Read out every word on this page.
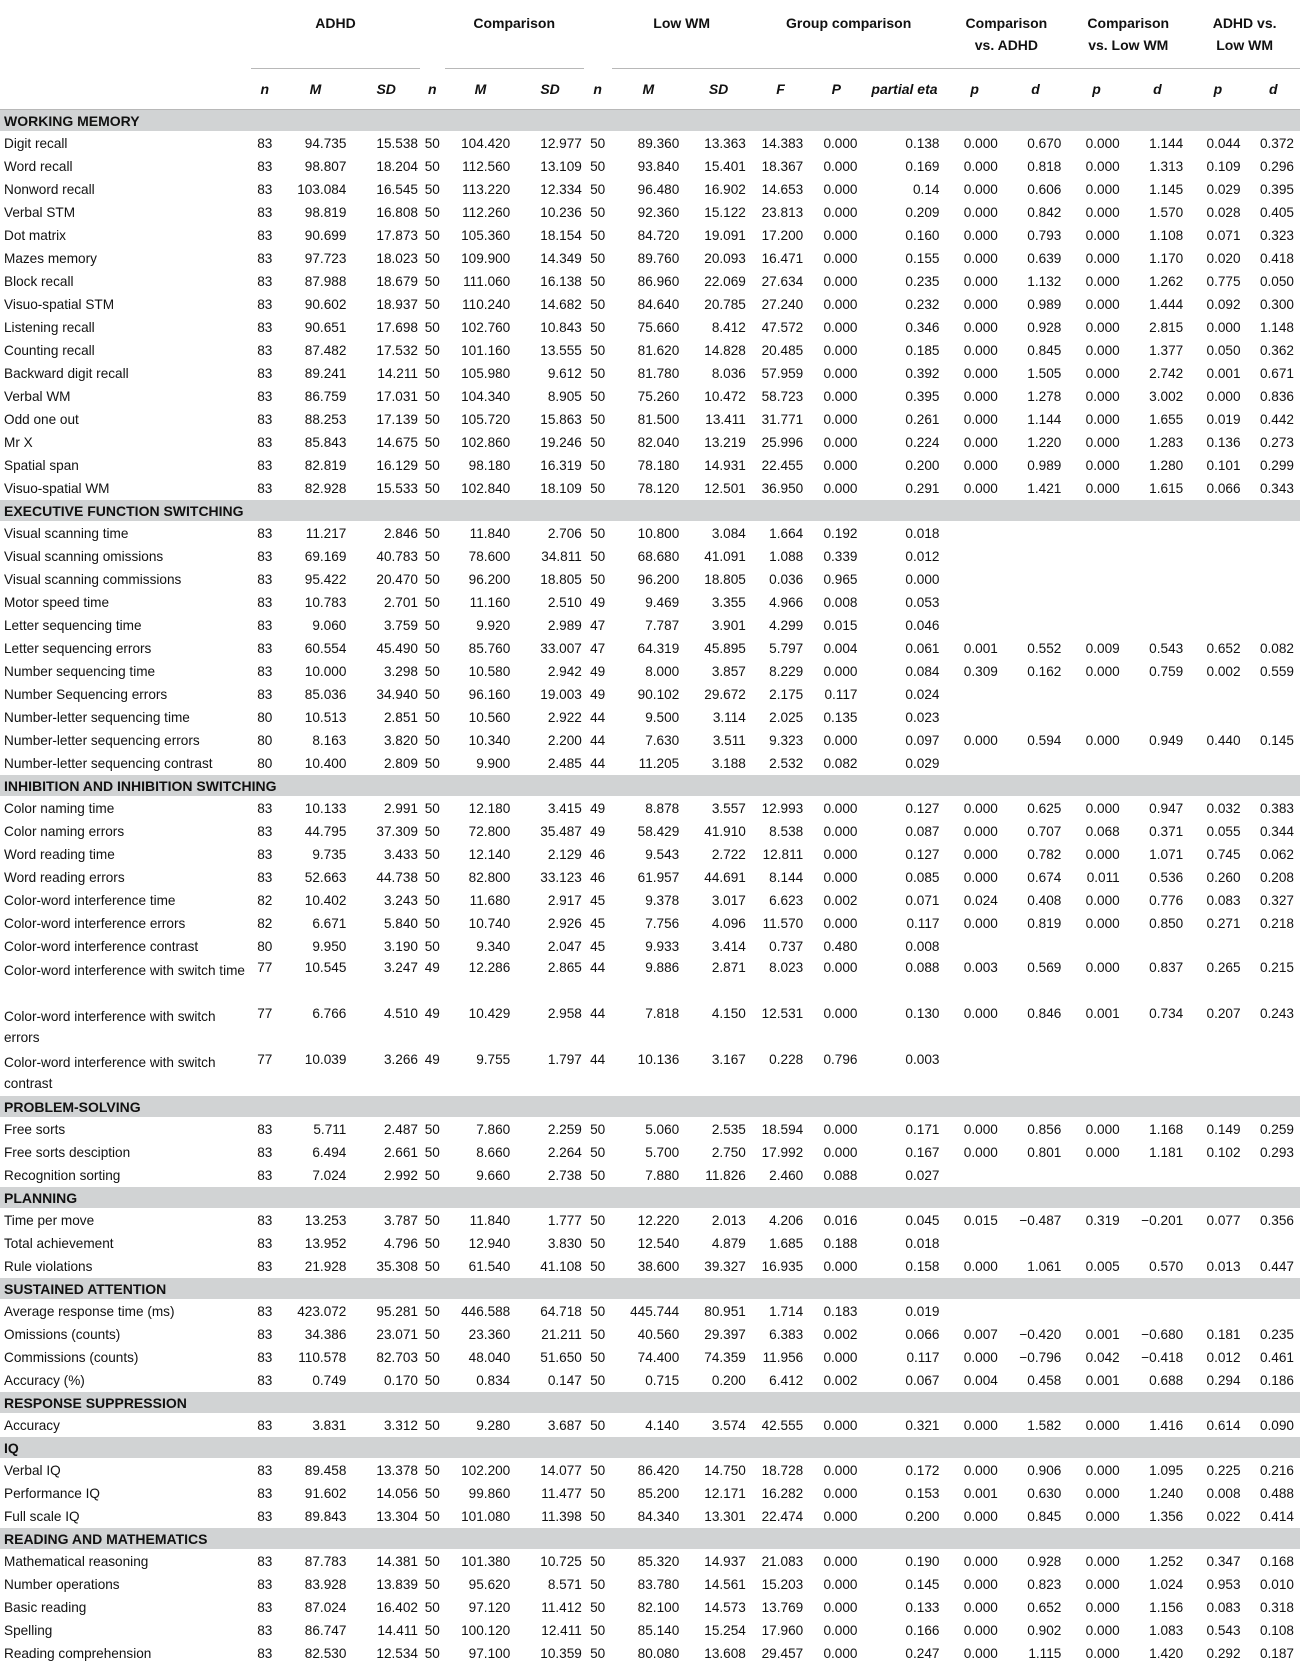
	ADHD				Comparison			Low WM		Group comparison			Comparison
vs. ADHD		Comparison
vs. Low WM		ADHD vs.
Low WM	
	n	M	SD	n	M	SD	n	M	SD	F	P	partial eta	p	d	p	d	p	d
WORKING MEMORY																		
Digit recall	83	94.735	15.538	50	104.420	12.977	50	89.360	13.363	14.383	0.000	0.138	0.000	0.670	0.000	1.144	0.044	0.372
Word recall	83	98.807	18.204	50	112.560	13.109	50	93.840	15.401	18.367	0.000	0.169	0.000	0.818	0.000	1.313	0.109	0.296
Nonword recall	83	103.084	16.545	50	113.220	12.334	50	96.480	16.902	14.653	0.000	0.14	0.000	0.606	0.000	1.145	0.029	0.395
Verbal STM	83	98.819	16.808	50	112.260	10.236	50	92.360	15.122	23.813	0.000	0.209	0.000	0.842	0.000	1.570	0.028	0.405
Dot matrix	83	90.699	17.873	50	105.360	18.154	50	84.720	19.091	17.200	0.000	0.160	0.000	0.793	0.000	1.108	0.071	0.323
Mazes memory	83	97.723	18.023	50	109.900	14.349	50	89.760	20.093	16.471	0.000	0.155	0.000	0.639	0.000	1.170	0.020	0.418
Block recall	83	87.988	18.679	50	111.060	16.138	50	86.960	22.069	27.634	0.000	0.235	0.000	1.132	0.000	1.262	0.775	0.050
Visuo-spatial STM	83	90.602	18.937	50	110.240	14.682	50	84.640	20.785	27.240	0.000	0.232	0.000	0.989	0.000	1.444	0.092	0.300
Listening recall	83	90.651	17.698	50	102.760	10.843	50	75.660	8.412	47.572	0.000	0.346	0.000	0.928	0.000	2.815	0.000	1.148
Counting recall	83	87.482	17.532	50	101.160	13.555	50	81.620	14.828	20.485	0.000	0.185	0.000	0.845	0.000	1.377	0.050	0.362
Backward digit recall	83	89.241	14.211	50	105.980	9.612	50	81.780	8.036	57.959	0.000	0.392	0.000	1.505	0.000	2.742	0.001	0.671
Verbal WM	83	86.759	17.031	50	104.340	8.905	50	75.260	10.472	58.723	0.000	0.395	0.000	1.278	0.000	3.002	0.000	0.836
Odd one out	83	88.253	17.139	50	105.720	15.863	50	81.500	13.411	31.771	0.000	0.261	0.000	1.144	0.000	1.655	0.019	0.442
Mr X	83	85.843	14.675	50	102.860	19.246	50	82.040	13.219	25.996	0.000	0.224	0.000	1.220	0.000	1.283	0.136	0.273
Spatial span	83	82.819	16.129	50	98.180	16.319	50	78.180	14.931	22.455	0.000	0.200	0.000	0.989	0.000	1.280	0.101	0.299
Visuo-spatial WM	83	82.928	15.533	50	102.840	18.109	50	78.120	12.501	36.950	0.000	0.291	0.000	1.421	0.000	1.615	0.066	0.343
EXECUTIVE FUNCTION SWITCHING																		
Visual scanning time	83	11.217	2.846	50	11.840	2.706	50	10.800	3.084	1.664	0.192	0.018						
Visual scanning omissions	83	69.169	40.783	50	78.600	34.811	50	68.680	41.091	1.088	0.339	0.012						
Visual scanning commissions	83	95.422	20.470	50	96.200	18.805	50	96.200	18.805	0.036	0.965	0.000						
Motor speed time	83	10.783	2.701	50	11.160	2.510	49	9.469	3.355	4.966	0.008	0.053						
Letter sequencing time	83	9.060	3.759	50	9.920	2.989	47	7.787	3.901	4.299	0.015	0.046						
Letter sequencing errors	83	60.554	45.490	50	85.760	33.007	47	64.319	45.895	5.797	0.004	0.061	0.001	0.552	0.009	0.543	0.652	0.082
Number sequencing time	83	10.000	3.298	50	10.580	2.942	49	8.000	3.857	8.229	0.000	0.084	0.309	0.162	0.000	0.759	0.002	0.559
Number Sequencing errors	83	85.036	34.940	50	96.160	19.003	49	90.102	29.672	2.175	0.117	0.024						
Number-letter sequencing time	80	10.513	2.851	50	10.560	2.922	44	9.500	3.114	2.025	0.135	0.023						
Number-letter sequencing errors	80	8.163	3.820	50	10.340	2.200	44	7.630	3.511	9.323	0.000	0.097	0.000	0.594	0.000	0.949	0.440	0.145
Number-letter sequencing contrast	80	10.400	2.809	50	9.900	2.485	44	11.205	3.188	2.532	0.082	0.029						
INHIBITION AND INHIBITION SWITCHING																		
Color naming time	83	10.133	2.991	50	12.180	3.415	49	8.878	3.557	12.993	0.000	0.127	0.000	0.625	0.000	0.947	0.032	0.383
Color naming errors	83	44.795	37.309	50	72.800	35.487	49	58.429	41.910	8.538	0.000	0.087	0.000	0.707	0.068	0.371	0.055	0.344
Word reading time	83	9.735	3.433	50	12.140	2.129	46	9.543	2.722	12.811	0.000	0.127	0.000	0.782	0.000	1.071	0.745	0.062
Word reading errors	83	52.663	44.738	50	82.800	33.123	46	61.957	44.691	8.144	0.000	0.085	0.000	0.674	0.011	0.536	0.260	0.208
Color-word interference time	82	10.402	3.243	50	11.680	2.917	45	9.378	3.017	6.623	0.002	0.071	0.024	0.408	0.000	0.776	0.083	0.327
Color-word interference errors	82	6.671	5.840	50	10.740	2.926	45	7.756	4.096	11.570	0.000	0.117	0.000	0.819	0.000	0.850	0.271	0.218
Color-word interference contrast	80	9.950	3.190	50	9.340	2.047	45	9.933	3.414	0.737	0.480	0.008						
Color-word interference with switch time	77	10.545	3.247	49	12.286	2.865	44	9.886	2.871	8.023	0.000	0.088	0.003	0.569	0.000	0.837	0.265	0.215
Color-word interference with switch errors	77	6.766	4.510	49	10.429	2.958	44	7.818	4.150	12.531	0.000	0.130	0.000	0.846	0.001	0.734	0.207	0.243
Color-word interference with switch contrast	77	10.039	3.266	49	9.755	1.797	44	10.136	3.167	0.228	0.796	0.003						
PROBLEM-SOLVING																		
Free sorts	83	5.711	2.487	50	7.860	2.259	50	5.060	2.535	18.594	0.000	0.171	0.000	0.856	0.000	1.168	0.149	0.259
Free sorts desciption	83	6.494	2.661	50	8.660	2.264	50	5.700	2.750	17.992	0.000	0.167	0.000	0.801	0.000	1.181	0.102	0.293
Recognition sorting	83	7.024	2.992	50	9.660	2.738	50	7.880	11.826	2.460	0.088	0.027						
PLANNING																		
Time per move	83	13.253	3.787	50	11.840	1.777	50	12.220	2.013	4.206	0.016	0.045	0.015	−0.487	0.319	−0.201	0.077	0.356
Total achievement	83	13.952	4.796	50	12.940	3.830	50	12.540	4.879	1.685	0.188	0.018						
Rule violations	83	21.928	35.308	50	61.540	41.108	50	38.600	39.327	16.935	0.000	0.158	0.000	1.061	0.005	0.570	0.013	0.447
SUSTAINED ATTENTION																		
Average response time (ms)	83	423.072	95.281	50	446.588	64.718	50	445.744	80.951	1.714	0.183	0.019						
Omissions (counts)	83	34.386	23.071	50	23.360	21.211	50	40.560	29.397	6.383	0.002	0.066	0.007	−0.420	0.001	−0.680	0.181	0.235
Commissions (counts)	83	110.578	82.703	50	48.040	51.650	50	74.400	74.359	11.956	0.000	0.117	0.000	−0.796	0.042	−0.418	0.012	0.461
Accuracy (%)	83	0.749	0.170	50	0.834	0.147	50	0.715	0.200	6.412	0.002	0.067	0.004	0.458	0.001	0.688	0.294	0.186
RESPONSE SUPPRESSION																		
Accuracy	83	3.831	3.312	50	9.280	3.687	50	4.140	3.574	42.555	0.000	0.321	0.000	1.582	0.000	1.416	0.614	0.090
IQ																		
Verbal IQ	83	89.458	13.378	50	102.200	14.077	50	86.420	14.750	18.728	0.000	0.172	0.000	0.906	0.000	1.095	0.225	0.216
Performance IQ	83	91.602	14.056	50	99.860	11.477	50	85.200	12.171	16.282	0.000	0.153	0.001	0.630	0.000	1.240	0.008	0.488
Full scale IQ	83	89.843	13.304	50	101.080	11.398	50	84.340	13.301	22.474	0.000	0.200	0.000	0.845	0.000	1.356	0.022	0.414
READING AND MATHEMATICS																		
Mathematical reasoning	83	87.783	14.381	50	101.380	10.725	50	85.320	14.937	21.083	0.000	0.190	0.000	0.928	0.000	1.252	0.347	0.168
Number operations	83	83.928	13.839	50	95.620	8.571	50	83.780	14.561	15.203	0.000	0.145	0.000	0.823	0.000	1.024	0.953	0.010
Basic reading	83	87.024	16.402	50	97.120	11.412	50	82.100	14.573	13.769	0.000	0.133	0.000	0.652	0.000	1.156	0.083	0.318
Spelling	83	86.747	14.411	50	100.120	12.411	50	85.140	15.254	17.960	0.000	0.166	0.000	0.902	0.000	1.083	0.543	0.108
Reading comprehension	83	82.530	12.534	50	97.100	10.359	50	80.080	13.608	29.457	0.000	0.247	0.000	1.115	0.000	1.420	0.292	0.187
